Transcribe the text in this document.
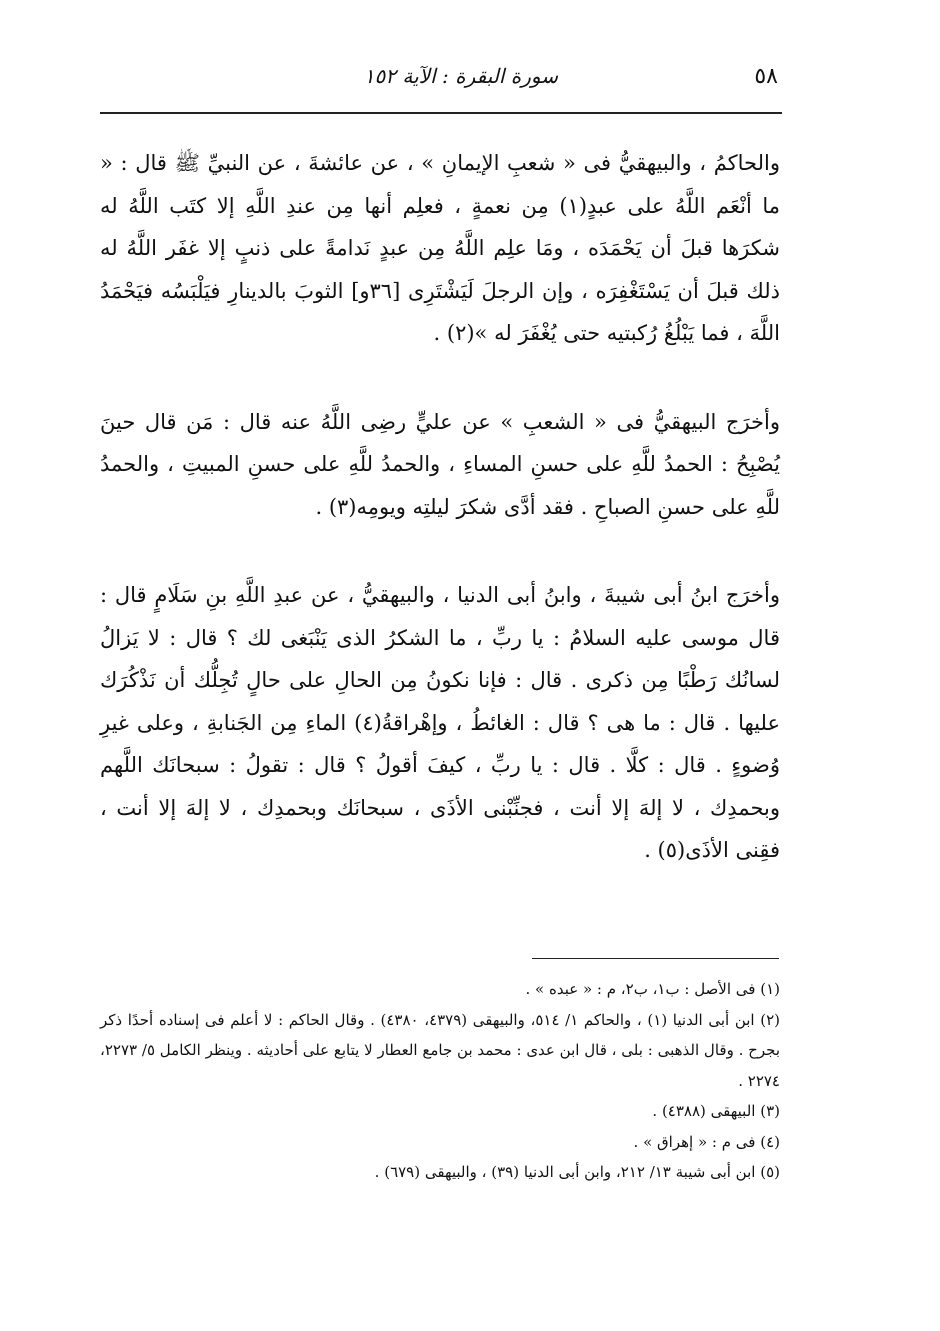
٥٨
سورة البقرة : الآية ١٥٢

والحاكمُ ، والبيهقيُّ فى « شعبِ الإيمانِ » ، عن عائشةَ ، عن النبيِّ ﷺ قال : « ما أنْعَم اللَّهُ على عبدٍ(١) مِن نعمةٍ ، فعلِم أنها مِن عندِ اللَّهِ إلا كتَب اللَّهُ له شكرَها قبلَ أن يَحْمَدَه ، ومَا علِم اللَّهُ مِن عبدٍ نَدامةً على ذنبٍ إلا غفَر اللَّهُ له ذلك قبلَ أن يَسْتَغْفِرَه ، وإن الرجلَ لَيَشْتَرِى [٣٦و] الثوبَ بالدينارِ فيَلْبَسُه فيَحْمَدُ اللَّهَ ، فما يَبْلُغُ رُكبتيه حتى يُغْفَرَ له »(٢) .

وأخرَج البيهقيُّ فى « الشعبِ » عن عليٍّ رضِى اللَّهُ عنه قال : مَن قال حينَ يُصْبِحُ : الحمدُ للَّهِ على حسنِ المساءِ ، والحمدُ للَّهِ على حسنِ المبيتِ ، والحمدُ للَّهِ على حسنِ الصباحِ . فقد أدَّى شكرَ ليلتِه ويومِه(٣) .

وأخرَج ابنُ أبى شيبةَ ، وابنُ أبى الدنيا ، والبيهقيُّ ، عن عبدِ اللَّهِ بنِ سَلَامٍ قال : قال موسى عليه السلامُ : يا ربِّ ، ما الشكرُ الذى يَنْبَغى لك ؟ قال : لا يَزالُ لسانُك رَطْبًا مِن ذكرى . قال : فإنا نكونُ مِن الحالِ على حالٍ تُجِلُّك أن نَذْكُرَك عليها . قال : ما هى ؟ قال : الغائطُ ، وإهْراقةُ(٤) الماءِ مِن الجَنابةِ ، وعلى غيرِ وُضوءٍ . قال : كلَّا . قال : يا ربِّ ، كيفَ أقولُ ؟ قال : تقولُ : سبحانَك اللَّهم وبحمدِك ، لا إلهَ إلا أنت ، فجنِّبْنى الأذَى ، سبحانَك وبحمدِك ، لا إلهَ إلا أنت ، فقِنى الأذَى(٥) .

(١) فى الأصل : ب١، ب٢، م : « عبده » .

(٢) ابن أبى الدنيا (١) ، والحاكم ١/ ٥١٤، والبيهقى (٤٣٧٩، ٤٣٨٠) . وقال الحاكم : لا أعلم فى إسناده أحدًا ذكر بجرح . وقال الذهبى : بلى ، قال ابن عدى : محمد بن جامع العطار لا يتابع على أحاديثه . وينظر الكامل ٥/ ٢٢٧٣، ٢٢٧٤ .

(٣) البيهقى (٤٣٨٨) .

(٤) فى م : « إهراق » .

(٥) ابن أبى شيبة ١٣/ ٢١٢، وابن أبى الدنيا (٣٩) ، والبيهقى (٦٧٩) .
